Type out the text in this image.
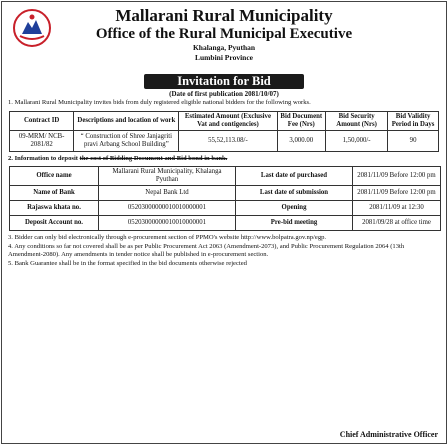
Mallarani Rural Municipality
Office of the Rural Municipal Executive
Khalanga, Pyuthan
Lumbini Province
Invitation for Bid
(Date of first publication 2081/10/07)
1. Mallarani Rural Municipality invites bids from duly registered eligible national bidders for the following works.
Contract ID	Descriptions and location of work	Estimated Amount (Exclusive Vat and contigencies)	Bid Document Fee (Nrs)	Bid Security Amount (Nrs)	Bid Validity Period in Days
09-MRM/ NCB-2081/82	“ Construction of Shree Janjagriti pravi Arbang School Building”	55,52,113.08/-	3,000.00	1,50,000/-	90
2. Information to deposit the cost of Bidding Document and Bid bond in bank.
Office name	Mallarani Rural Municipality, Khalanga Pyuthan	Last date of purchased	2081/11/09 Before 12:00 pm
Name of Bank	Nepal Bank Ltd	Last date of submission	2081/11/09 Before 12:00 pm
Rajaswa khata no.	05203000000010010000001	Opening	2081/11/09 at 12:30
Deposit Account no.	05203000000010010000001	Pre-bid meeting	2081/09/28 at office time
3. Bidder can only bid electronically through e-procurement section of PPMO's website http://www.bolpatra.gov.np/egp.
4. Any conditions so far not covered shall be as per Public Procurement Act 2063 (Amendment-2073), and Public Procurement Regulation 2064 (13th Amendment-2080). Any amendments in tender notice shall be published in e-procurement section.
5. Bank Guarantee shall be in the format specified in the bid documents otherwise rejected
Chief Administrative Officer
